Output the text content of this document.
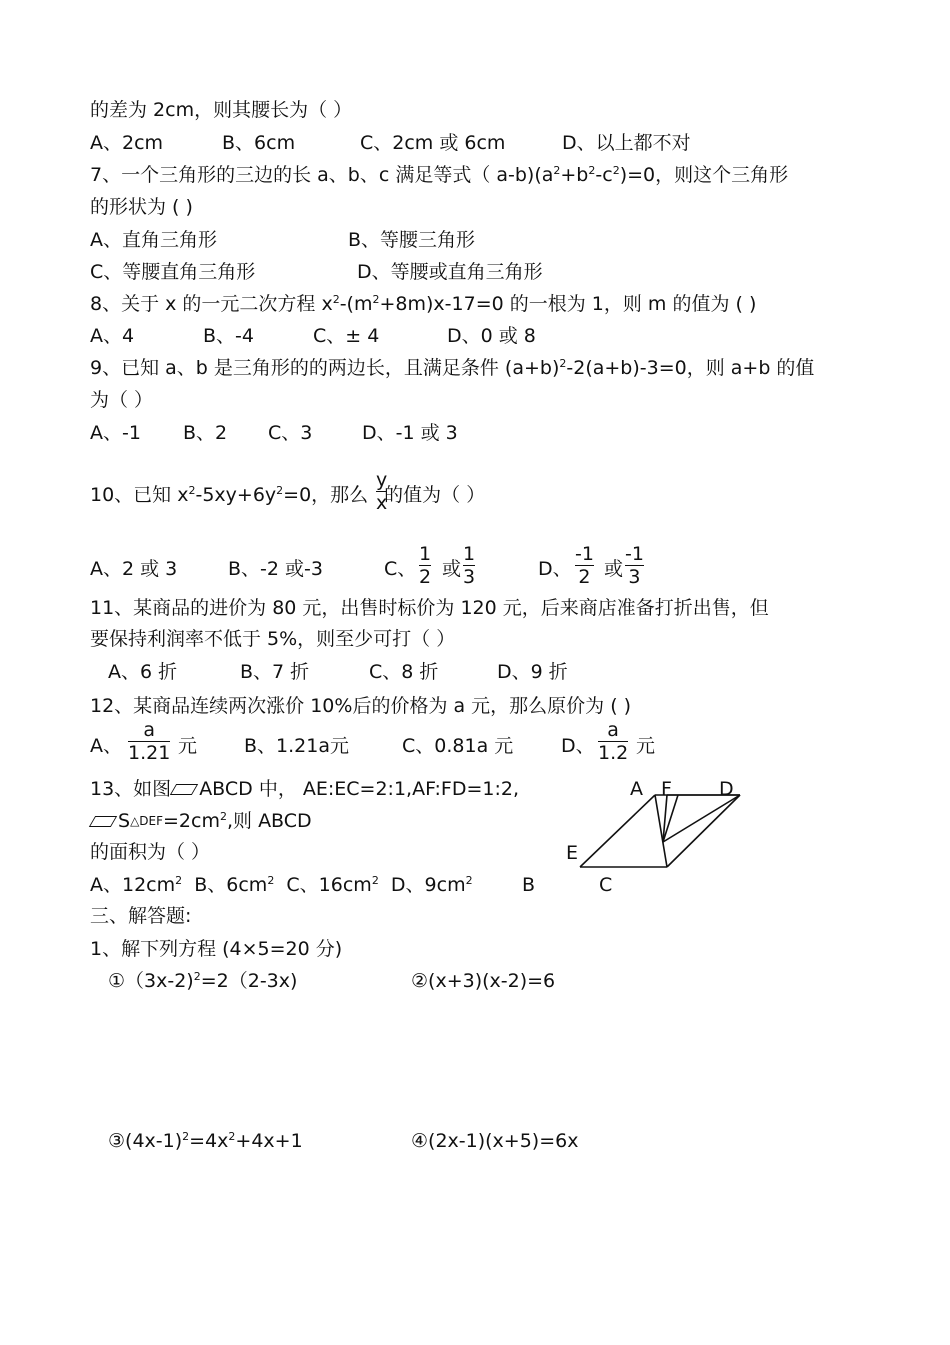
的差为 2cm，则其腰长为（ ）
A、2cm	B、6cm	C、2cm 或 6cm	D、以上都不对
7、一个三角形的三边的长 a、b、c 满足等式（ $a-b)(a^2+b^2-c^2)=0$，则这个三角形
的形状为 ( )
A、直角三角形	B、等腰三角形
C、等腰直角三角形	D、等腰或直角三角形
8、关于 x 的一元二次方程 $x^2-(m^2+8m)x-17=0$ 的一根为 1，则 m 的值为 ( )
A、4	B、-4	C、± 4	D、0 或 8
9、已知 a、b 是三角形的的两边长，且满足条件 $(a+b)^2-2(a+b)-3=0$，则 a+b 的值
为（ ）
A、-1 B、2 C、3	D、-1 或 3
10、已知 $x^2-5xy+6y^2=0$，那么 的值为（ ）
y
x
A、2 或 3	B、-2 或-3	C、
1
2 或
1
3	D、
-1
2 或
-1
3
11、某商品的进价为 80 元，出售时标价为 120 元，后来商店准备打折出售，但
要保持利润率不低于 5%，则至少可打（ ）
A、6 折	B、7 折	C、8 折	D、9 折
12、某商品连续两次涨价 10%后的价格为 a 元，那么原价为 ( )
A、
a
1.21 元 B、1.21a元	C、0.81a 元	D、
a
1.2 元
13、如图 ABCD 中， AE:EC=2:1,AF:FD=1:2,
$S\triangle DEF=2cm^2$,则 ABCD
的面积为（ ）
A、$12cm^2$ B、$6cm^2$ C、$16cm^2$ D、$9cm^2$	B
A F D
E
C
三、解答题:
1、解下列方程 (4×5=20 分)
①（3x-2)$^2$=2（2-3x)	②(x+3)(x-2)=6
$③(4x-1)^2=4x^2+4x+1$	④(2x-1)(x+5)=6x
